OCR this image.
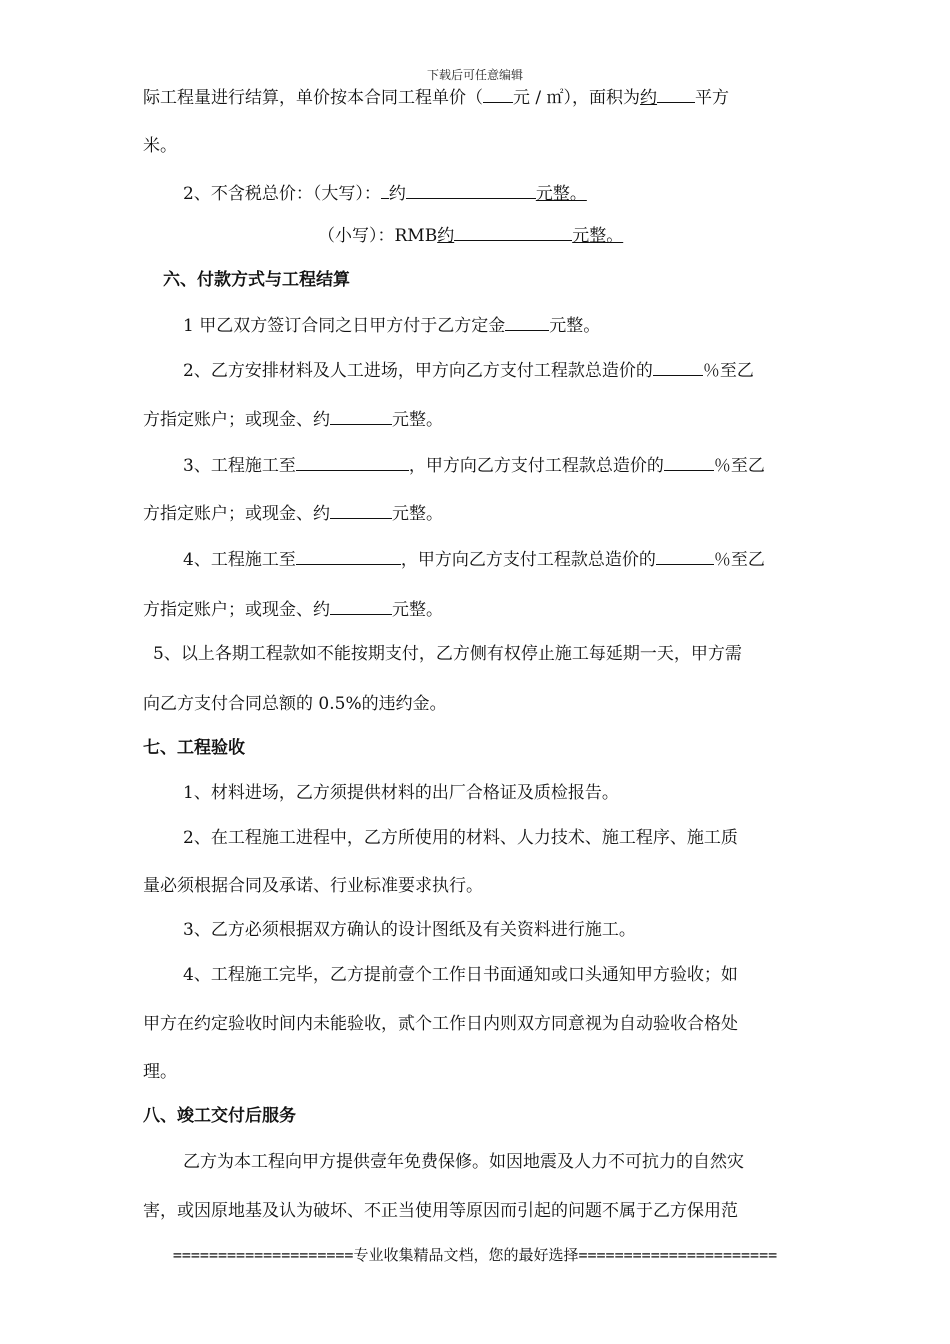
下载后可任意编辑
际工程量进行结算，单价按本合同工程单价（ 元 / ㎡），面积为约 平方
米。
2、不含税总价：（大写）： 约	元整。
（小写）：RMB约	元整。
六、付款方式与工程结算
1 甲乙双方签订合同之日甲方付于乙方定金	元整。
2、乙方安排材料及人工进场，甲方向乙方支付工程款总造价的	％至乙
方指定账户；或现金、约	元整。
3、工程施工至	，甲方向乙方支付工程款总造价的	％至乙
方指定账户；或现金、约	元整。
4、工程施工至	，甲方向乙方支付工程款总造价的	％至乙
方指定账户；或现金、约	元整。
5、以上各期工程款如不能按期支付，乙方侧有权停止施工每延期一天，甲方需
向乙方支付合同总额的 0.5%的违约金。
七、工程验收
1、材料进场，乙方须提供材料的出厂合格证及质检报告。
2、在工程施工进程中，乙方所使用的材料、人力技术、施工程序、施工质
量必须根据合同及承诺、行业标准要求执行。
3、乙方必须根据双方确认的设计图纸及有关资料进行施工。
4、工程施工完毕，乙方提前壹个工作日书面通知或口头通知甲方验收；如
甲方在约定验收时间内未能验收，贰个工作日内则双方同意视为自动验收合格处
理。
八、竣工交付后服务
乙方为本工程向甲方提供壹年免费保修。如因地震及人力不可抗力的自然灾
害，或因原地基及认为破坏、不正当使用等原因而引起的问题不属于乙方保用范
====================专业收集精品文档，您的最好选择======================
